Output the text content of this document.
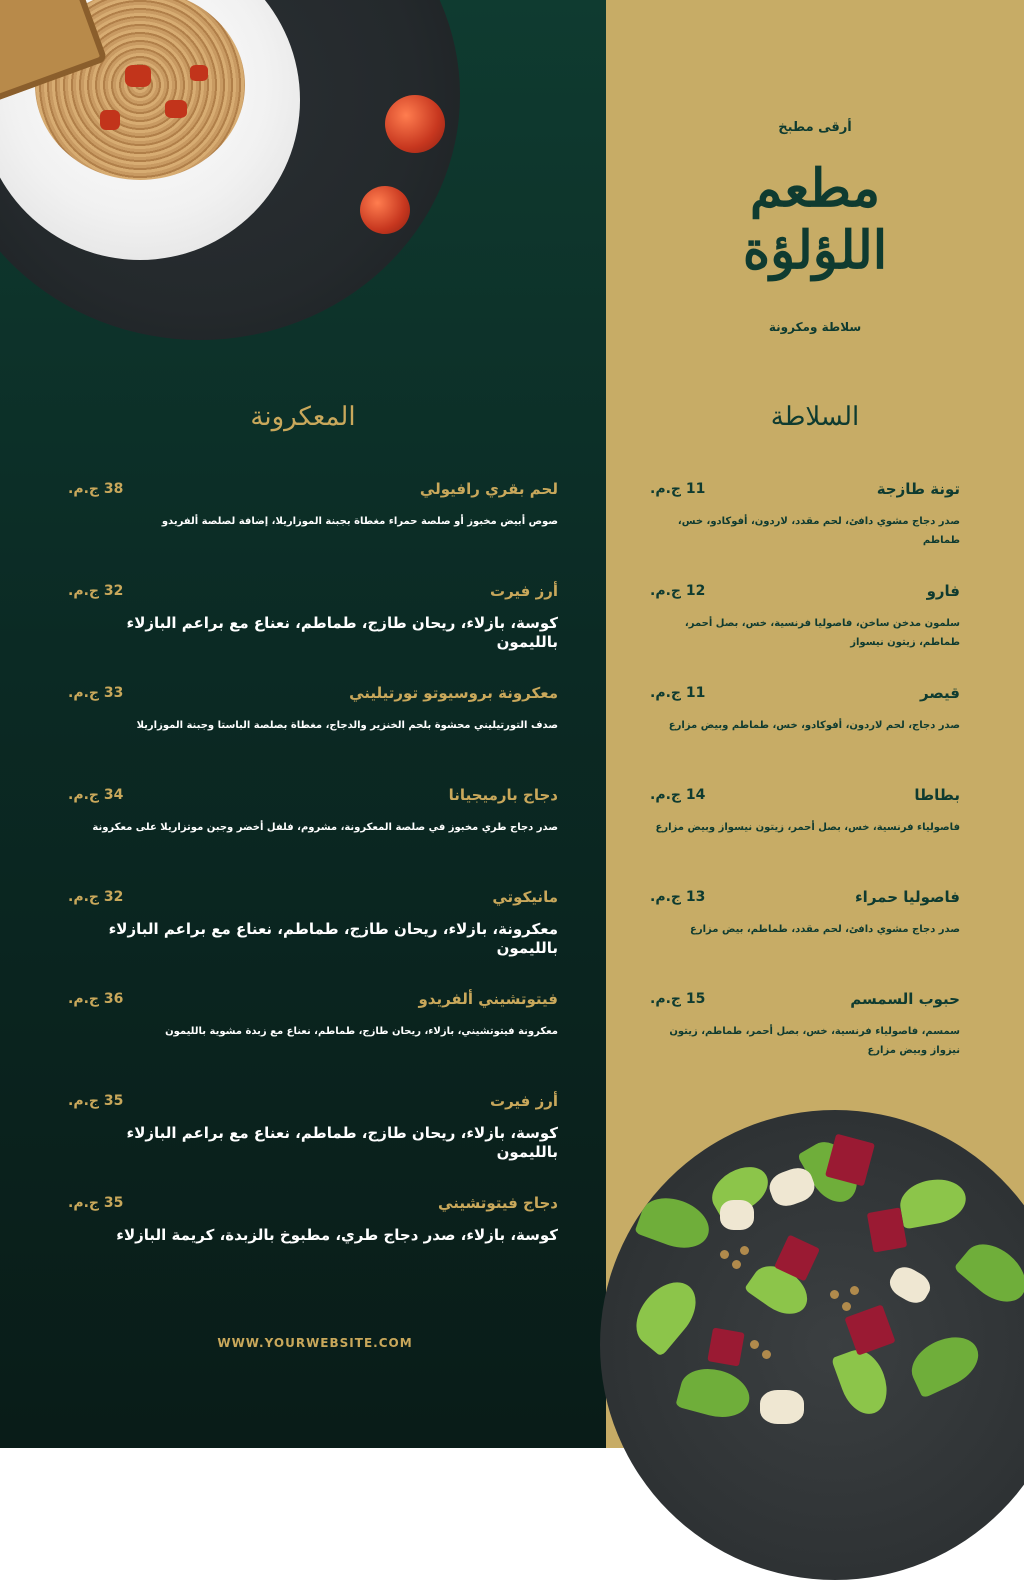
أرقى مطبخ
مطعم
اللؤلؤة
سلاطة ومكرونة
السلاطة
المعكرونة
تونة طازجة
11 ج.م.
صدر دجاج مشوي دافئ، لحم مقدد، لاردون، أفوكادو، خس، طماطم
فارو
12 ج.م.
سلمون مدخن ساخن، فاصوليا فرنسية، خس، بصل أحمر، طماطم، زيتون نيسواز
قيصر
11 ج.م.
صدر دجاج، لحم لاردون، أفوكادو، خس، طماطم وبيض مزارع
بطاطا
14 ج.م.
فاصولياء فرنسية، خس، بصل أحمر، زيتون نيسواز وبيض مزارع
فاصوليا حمراء
13 ج.م.
صدر دجاج مشوي دافئ، لحم مقدد، طماطم، بيض مزارع
حبوب السمسم
15 ج.م.
سمسم، فاصولياء فرنسية، خس، بصل أحمر، طماطم، زيتون نيزواز وبيض مزارع
لحم بقري رافيولي
38 ج.م.
صوص أبيض مخبوز أو صلصة حمراء مغطاة بجبنة الموزاريلا، إضافة لصلصة ألفريدو
أرز فيرت
32 ج.م.
كوسة، بازلاء، ريحان طازج، طماطم، نعناع مع براعم البازلاء بالليمون
معكرونة بروسيوتو تورتيليني
33 ج.م.
صدف التورتيليني محشوة بلحم الخنزير والدجاج، مغطاة بصلصة الباستا وجبنة الموزاريلا
دجاج بارميجيانا
34 ج.م.
صدر دجاج طري مخبوز في صلصة المعكرونة، مشروم، فلفل أخضر وجبن موتزاريلا على معكرونة
مانيكوتي
32 ج.م.
معكرونة، بازلاء، ريحان طازج، طماطم، نعناع مع براعم البازلاء بالليمون
فيتوتشيني ألفريدو
36 ج.م.
معكرونة فيتوتشيني، بازلاء، ريحان طازج، طماطم، نعناع مع زبدة مشوية بالليمون
أرز فيرت
35 ج.م.
كوسة، بازلاء، ريحان طازج، طماطم، نعناع مع براعم البازلاء بالليمون
دجاج فيتوتشيني
35 ج.م.
كوسة، بازلاء، صدر دجاج طري، مطبوخ بالزبدة، كريمة البازلاء
WWW.YOURWEBSITE.COM
